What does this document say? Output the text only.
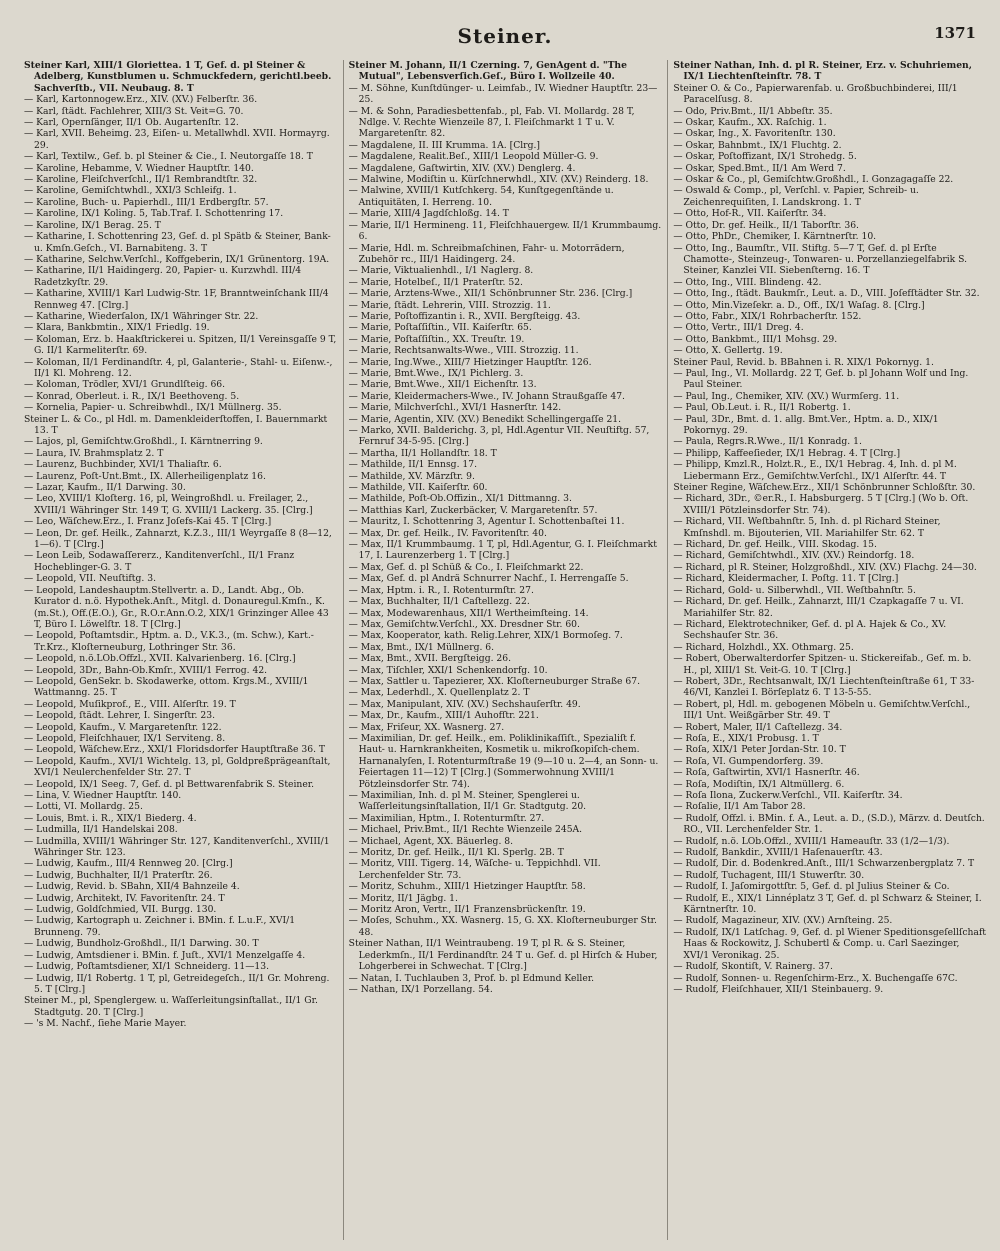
Steiner.	1371
Steiner Karl, XIII/1 Gloriettea. 1 T, Gef. d. pl Steiner & Adelberg, Kunstblumen u. Schmuckfedern, gerichtl.beeb. Sachverſtb., VII. Neubaug. 8. T
— Karl, Kartonnogew.Erz., XIV. (XV.) Felberſtr. 36.
— Karl, ſtädt. Fachlehrer, XIII/3 St. Veit=G. 70.
— Karl, Opernſänger, II/1 Ob. Augartenſtr. 12.
— Karl, XVII. Beheimg. 23, Eiſen- u. Metallwhdl. XVII. Hormayrg. 29.
— Karl, Textilw., Gef. b. pl Steiner & Cie., I. Neutorgaſſe 18. T
— Karoline, Hebamme, V. Wiedner Hauptſtr. 140.
— Karoline, Fleiſchverſchl., II/1 Rembrandtſtr. 32.
— Karoline, Gemiſchtwhdl., XXI/3 Schleifg. 1.
— Karoline, Buch- u. Papierhdl., III/1 Erdbergſtr. 57.
— Karoline, IX/1 Koling. 5, Tab.Traf. I. Schottenring 17.
— Karoline, IX/1 Berag. 25. T
— Katharine, I. Schottenring 23, Gef. d. pl Spätb & Steiner, Bank- u. Kmſn.Geſch., VI. Barnabiteng. 3. T
— Katharine, Selchw.Verſchl., Koffgeberin, IX/1 Grünentorg. 19A.
— Katharine, II/1 Haidingerg. 20, Papier- u. Kurzwhdl. III/4 Radetzkyſtr. 29.
— Katharine, XVIII/1 Karl Ludwig-Str. 1F, Branntweinſchank III/4 Rennweg 47. [Clrg.]
— Katharine, Wiederſalon, IX/1 Währinger Str. 22.
— Klara, Bankbmtin., XIX/1 Friedlg. 19.
— Koloman, Erz. b. Haakſtrickerei u. Spitzen, II/1 Vereinsgaſſe 9 T, G. II/1 Karmeliterſtr. 69.
— Koloman, II/1 Ferdinandſtr. 4, pl, Galanterie-, Stahl- u. Eiſenw.-, II/1 Kl. Mohreng. 12.
— Koloman, Trödler, XVI/1 Grundlſteig. 66.
— Konrad, Oberleut. i. R., IX/1 Beethoveng. 5.
— Kornelia, Papier- u. Schreibwhdl., IX/1 Müllnerg. 35.
Steiner L. & Co., pl Hdl. m. Damenkleiderſtoffen, I. Bauernmarkt 13. T
— Lajos, pl, Gemiſchtw.Großhdl., I. Kärntnerring 9.
— Laura, IV. Brahmsplatz 2. T
— Laurenz, Buchbinder, XVI/1 Thaliaſtr. 6.
— Laurenz, Poſt-Unt.Bmt., IX. Allerheiligenplatz 16.
— Lazar, Kaufm., II/1 Darwing. 30.
— Leo, XVIII/1 Kloſterg. 16, pl, Weingroßhdl. u. Freilager, 2., XVIII/1 Währinger Str. 149 T, G. XVIII/1 Lackerg. 35. [Clrg.]
— Leo, Wäſchew.Erz., I. Franz Joſefs-Kai 45. T [Clrg.]
— Leon, Dr. gef. Heilk., Zahnarzt, K.Z.3., III/1 Weyrgaſſe 8 (8—12, 1—6). T [Clrg.]
— Leon Leib, Sodawaſſererz., Kanditenverſchl., II/1 Franz Hocheblinger-G. 3. T
— Leopold, VII. Neuſtiftg. 3.
— Leopold, Landeshauptm.Stellvertr. a. D., Landt. Abg., Ob. Kurator d. n.ö. Hypothek.Anſt., Mitgl. d. Donauregul.Kmſn., K.(m.St.), Off.(E.O.), Gr., R.O.r.Ann.O.2, XIX/1 Grinzinger Allee 43 T, Büro I. Löwelſtr. 18. T [Clrg.]
— Leopold, Poſtamtsdir., Hptm. a. D., V.K.3., (m. Schw.), Kart.-Tr.Krz., Kloſterneuburg, Lothringer Str. 36.
— Leopold, n.ö.LOb.Offzl., XVII. Kalvarienberg. 16. [Clrg.]
— Leopold, 3Dr., Bahn-Ob.Kmſr., XVIII/1 Ferrog. 42.
— Leopold, GenSekr. b. Skodawerke, ottom. Krgs.M., XVIII/1 Wattmanng. 25. T
— Leopold, Muſikprof., E., VIII. Alſerſtr. 19. T
— Leopold, ſtädt. Lehrer, I. Singerſtr. 23.
— Leopold, Kaufm., V. Margaretenſtr. 122.
— Leopold, Fleiſchhauer, IX/1 Serviteng. 8.
— Leopold, Wäſchew.Erz., XXI/1 Floridsdorfer Hauptſtraße 36. T
— Leopold, Kaufm., XVI/1 Wichtelg. 13, pl, Goldpreßprägeanſtalt, XVI/1 Neulerchenfelder Str. 27. T
— Leopold, IX/1 Seeg. 7, Gef. d. pl Bettwarenfabrik S. Steiner.
— Lina, V. Wiedner Hauptſtr. 140.
— Lotti, VI. Mollardg. 25.
— Louis, Bmt. i. R., XIX/1 Biederg. 4.
— Ludmilla, II/1 Handelskai 208.
— Ludmilla, XVIII/1 Währinger Str. 127, Kanditenverſchl., XVIII/1 Währinger Str. 123.
— Ludwig, Kaufm., III/4 Rennweg 20. [Clrg.]
— Ludwig, Buchhalter, II/1 Praterſtr. 26.
— Ludwig, Revid. b. SBahn, XII/4 Bahnzeile 4.
— Ludwig, Architekt, IV. Favoritenſtr. 24. T
— Ludwig, Goldſchmied, VII. Burgg. 130.
— Ludwig, Kartograph u. Zeichner i. BMin. f. L.u.F., XVI/1 Brunneng. 79.
— Ludwig, Bundholz-Großhdl., II/1 Darwing. 30. T
— Ludwig, Amtsdiener i. BMin. f. Juſt., XVI/1 Menzelgaſſe 4.
— Ludwig, Poſtamtsdiener, XI/1 Schneiderg. 11—13.
— Ludwig, II/1 Robertg. 1 T, pl, Getreidegeſch., II/1 Gr. Mohreng. 5. T [Clrg.]
Steiner M., pl, Spenglergew. u. Waſſerleitungsinſtallat., II/1 Gr. Stadtgutg. 20. T [Clrg.]
— 's M. Nachf., ſiehe Marie Mayer.
Steiner M. Johann, II/1 Czerning. 7, GenAgent d. "The Mutual", Lebensverſich.Geſ., Büro I. Wollzeile 40.
— M. Söhne, Kunſtdünger- u. Leimfab., IV. Wiedner Hauptſtr. 23—25.
— M. & Sohn, Paradiesbettenfab., pl, Fab. VI. Mollardg. 28 T, Ndlge. V. Rechte Wienzeile 87, I. Fleiſchmarkt 1 T u. V. Margaretenſtr. 82.
— Magdalene, II. III Krumma. 1A. [Clrg.]
— Magdalene, Realit.Beſ., XIII/1 Leopold Müller-G. 9.
— Magdalene, Gaſtwirtin, XIV. (XV.) Denglerg. 4.
— Malwine, Modiſtin u. Kürſchnerwhdl., XIV. (XV.) Reinderg. 18.
— Malwine, XVIII/1 Kutſchkerg. 54, Kunſtgegenſtände u. Antiquitäten, I. Herreng. 10.
— Marie, XIII/4 Jagdſchloßg. 14. T
— Marie, II/1 Hermineng. 11, Fleiſchhauergew. II/1 Krummbaumg. 6.
— Marie, Hdl. m. Schreibmaſchinen, Fahr- u. Motorrädern, Zubehör rc., III/1 Haidingerg. 24.
— Marie, Viktualienhdl., I/1 Naglerg. 8.
— Marie, Hotelbeſ., II/1 Praterſtr. 52.
— Marie, Arztens-Wwe., XII/1 Schönbrunner Str. 236. [Clrg.]
— Marie, ſtädt. Lehrerin, VIII. Strozzig. 11.
— Marie, Poſtoffizantin i. R., XVII. Bergſteigg. 43.
— Marie, Poſtaſſiſtin., VII. Kaiſerſtr. 65.
— Marie, Poſtaſſiſtin., XX. Treuſtr. 19.
— Marie, Rechtsanwalts-Wwe., VIII. Strozzig. 11.
— Marie, Ing.Wwe., XIII/7 Hietzinger Hauptſtr. 126.
— Marie, Bmt.Wwe., IX/1 Pichlerg. 3.
— Marie, Bmt.Wwe., XII/1 Eichenſtr. 13.
— Marie, Kleidermachers-Wwe., IV. Johann Straußgaſſe 47.
— Marie, Milchverſchl., XVI/1 Hasnerſtr. 142.
— Marie, Agentin, XIV. (XV.) Benedikt Schellingergaſſe 21.
— Marko, XVII. Balderichg. 3, pl, Hdl.Agentur VII. Neuſtiftg. 57, Fernruf 34-5-95. [Clrg.]
— Martha, II/1 Hollandſtr. 18. T
— Mathilde, II/1 Ennsg. 17.
— Mathilde, XV. Märzſtr. 9.
— Mathilde, VII. Kaiſerſtr. 60.
— Mathilde, Poſt-Ob.Offizin., XI/1 Dittmanng. 3.
— Matthias Karl, Zuckerbäcker, V. Margaretenſtr. 57.
— Mauritz, I. Schottenring 3, Agentur I. Schottenbaſtei 11.
— Max, Dr. gef. Heilk., IV. Favoritenſtr. 40.
— Max, II/1 Krummbaumg. 1 T, pl, Hdl.Agentur, G. I. Fleiſchmarkt 17, I. Laurenzerberg 1. T [Clrg.]
— Max, Gef. d. pl Schüß & Co., I. Fleiſchmarkt 22.
— Max, Gef. d. pl Andrä Schnurrer Nachf., I. Herrengaſſe 5.
— Max, Hptm. i. R., I. Rotenturmſtr. 27.
— Max, Buchhalter, II/1 Caſtellezg. 22.
— Max, Modewarenhaus, XII/1 Wertheimſteing. 14.
— Max, Gemiſchtw.Verſchl., XX. Dresdner Str. 60.
— Max, Kooperator, kath. Relig.Lehrer, XIX/1 Bormoſeg. 7.
— Max, Bmt., IX/1 Müllnerg. 6.
— Max, Bmt., XVII. Bergſteigg. 26.
— Max, Tiſchler, XXI/1 Schenkendorfg. 10.
— Max, Sattler u. Tapezierer, XX. Kloſterneuburger Straße 67.
— Max, Lederhdl., X. Quellenplatz 2. T
— Max, Manipulant, XIV. (XV.) Sechshauſerſtr. 49.
— Max, Dr., Kaufm., XIII/1 Auhofſtr. 221.
— Max, Friſeur, XX. Wasnerg. 27.
— Maximilian, Dr. gef. Heilk., em. Poliklinikaſſiſt., Spezialiſt f. Haut- u. Harnkrankheiten, Kosmetik u. mikroſkopiſch-chem. Harnanalyſen, I. Rotenturmſtraße 19 (9—10 u. 2—4, an Sonn- u. Feiertagen 11—12) T [Clrg.] (Sommerwohnung XVIII/1 Pötzleinsdorfer Str. 74).
— Maximilian, Inh. d. pl M. Steiner, Spenglerei u. Waſſerleitungsinſtallation, II/1 Gr. Stadtgutg. 20.
— Maximilian, Hptm., I. Rotenturmſtr. 27.
— Michael, Priv.Bmt., II/1 Rechte Wienzeile 245A.
— Michael, Agent, XX. Bäuerleg. 8.
— Moritz, Dr. gef. Heilk., II/1 Kl. Sperlg. 2B. T
— Moritz, VIII. Tigerg. 14, Wäſche- u. Teppichhdl. VII. Lerchenfelder Str. 73.
— Moritz, Schuhm., XIII/1 Hietzinger Hauptſtr. 58.
— Moritz, II/1 Jägbg. 1.
— Moritz Aron, Vertr., II/1 Franzensbrückenſtr. 19.
— Moſes, Schuhm., XX. Wasnerg. 15, G. XX. Kloſterneuburger Str. 48.
Steiner Nathan, II/1 Weintraubeng. 19 T, pl R. & S. Steiner, Lederkmſn., II/1 Ferdinandſtr. 24 T u. Gef. d. pl Hirſch & Huber, Lohgerberei in Schwechat. T [Clrg.]
— Natan, I. Tuchlauben 3, Prof. b. pl Edmund Keller.
— Nathan, IX/1 Porzellang. 54.
Steiner Nathan, Inh. d. pl R. Steiner, Erz. v. Schuhriemen, IX/1 Liechtenſteinſtr. 78. T
Steiner O. & Co., Papierwarenfab. u. Großbuchbinderei, III/1 Paracelſusg. 8.
— Odo, Priv.Bmt., II/1 Abbeſtr. 35.
— Oskar, Kaufm., XX. Raſchig. 1.
— Oskar, Ing., X. Favoritenſtr. 130.
— Oskar, Bahnbmt., IX/1 Fluchtg. 2.
— Oskar, Poſtoffizant, IX/1 Strohedg. 5.
— Oskar, Sped.Bmt., II/1 Am Werd 7.
— Oskar & Co., pl, Gemiſchtw.Großhdl., I. Gonzagagaſſe 22.
— Oswald & Comp., pl, Verſchl. v. Papier, Schreib- u. Zeichenrequiſiten, I. Landskrong. 1. T
— Otto, Hof-R., VII. Kaiſerſtr. 34.
— Otto, Dr. gef. Heilk., II/1 Taborſtr. 36.
— Otto, PhDr., Chemiker, I. Kärntnerſtr. 10.
— Otto, Ing., Baumſtr., VII. Stiftg. 5—7 T, Gef. d. pl Erſte Chamotte-, Steinzeug-, Tonwaren- u. Porzellanziegelfabrik S. Steiner, Kanzlei VII. Siebenſterng. 16. T
— Otto, Ing., VIII. Blindeng. 42.
— Otto, Ing., ſtädt. Baukmſr., Leut. a. D., VIII. Joſefſtädter Str. 32.
— Otto, Min.Vizeſekr. a. D., Off., IX/1 Waſag. 8. [Clrg.]
— Otto, Fabr., XIX/1 Rohrbacherſtr. 152.
— Otto, Vertr., III/1 Dreg. 4.
— Otto, Bankbmt., III/1 Mohsg. 29.
— Otto, X. Gellertg. 19.
Steiner Paul, Revid. b. BBahnen i. R. XIX/1 Pokornyg. 1.
— Paul, Ing., VI. Mollardg. 22 T, Gef. b. pl Johann Wolf und Ing. Paul Steiner.
— Paul, Ing., Chemiker, XIV. (XV.) Wurmſerg. 11.
— Paul, Ob.Leut. i. R., II/1 Robertg. 1.
— Paul, 3Dr., Bmt. d. 1. allg. Bmt.Ver., Hptm. a. D., XIX/1 Pokornyg. 29.
— Paula, Regrs.R.Wwe., II/1 Konradg. 1.
— Philipp, Kaffeeſieder, IX/1 Hebrag. 4. T [Clrg.]
— Philipp, Kmzl.R., Holzt.R., E., IX/1 Hebrag. 4, Inh. d. pl M. Liebermann Erz., Gemiſchtw.Verſchl., IX/1 Alſerſtr. 44. T
Steiner Regine, Wäſchew.Erz., XII/1 Schönbrunner Schloßſtr. 30.
— Richard, 3Dr., ©er.R., I. Habsburgerg. 5 T [Clrg.] (Wo b. Oft. XVIII/1 Pötzleinsdorfer Str. 74).
— Richard, VII. Weſtbahnſtr. 5, Inh. d. pl Richard Steiner, Kmſnshdl. m. Bijouterien, VII. Mariahilfer Str. 62. T
— Richard, Dr. gef. Heilk., VIII. Skodag. 15.
— Richard, Gemiſchtwhdl., XIV. (XV.) Reindorfg. 18.
— Richard, pl R. Steiner, Holzgroßhdl., XIV. (XV.) Flachg. 24—30.
— Richard, Kleidermacher, I. Poſtg. 11. T [Clrg.]
— Richard, Gold- u. Silberwhdl., VII. Weſtbahnſtr. 5.
— Richard, Dr. gef. Heilk., Zahnarzt, III/1 Czapkagaſſe 7 u. VI. Mariahilfer Str. 82.
— Richard, Elektrotechniker, Gef. d. pl A. Hajek & Co., XV. Sechshauſer Str. 36.
— Richard, Holzhdl., XX. Othmarg. 25.
— Robert, Oberwalterdorfer Spitzen- u. Stickereifab., Gef. m. b. H., pl, XIII/1 St. Veit-G. 10. T [Clrg.]
— Robert, 3Dr., Rechtsanwalt, IX/1 Liechtenſteinſtraße 61, T 33-46/VI, Kanzlei I. Börſeplatz 6. T 13-5-55.
— Robert, pl, Hdl. m. gebogenen Möbeln u. Gemiſchtw.Verſchl., III/1 Unt. Weißgärber Str. 49. T
— Robert, Maler, II/1 Caſtellezg. 34.
— Roſa, E., XIX/1 Probusg. 1. T
— Roſa, XIX/1 Peter Jordan-Str. 10. T
— Roſa, VI. Gumpendorferg. 39.
— Roſa, Gaſtwirtin, XVI/1 Hasnerſtr. 46.
— Roſa, Modiſtin, IX/1 Altmüllerg. 6.
— Roſa Ilona, Zuckerw.Verſchl., VII. Kaiſerſtr. 34.
— Roſalie, II/1 Am Tabor 28.
— Rudolf, Offzl. i. BMin. f. A., Leut. a. D., (S.D.), Märzv. d. Deutſch. RO., VII. Lerchenfelder Str. 1.
— Rudolf, n.ö. LOb.Offzl., XVIII/1 Hameauſtr. 33 (1/2—1/3).
— Rudolf, Bankdir., XVIII/1 Haſenauerſtr. 43.
— Rudolf, Dir. d. Bodenkred.Anſt., III/1 Schwarzenbergplatz 7. T
— Rudolf, Tuchagent, III/1 Stuwerſtr. 30.
— Rudolf, I. Jaſomirgottſtr. 5, Gef. d. pl Julius Steiner & Co.
— Rudolf, E., XIX/1 Linnéplatz 3 T, Gef. d. pl Schwarz & Steiner, I. Kärntnerſtr. 10.
— Rudolf, Magazineur, XIV. (XV.) Arnſteing. 25.
— Rudolf, IX/1 Latſchag. 9, Gef. d. pl Wiener Speditionsgeſellſchaft Haas & Rockowitz, J. Schubertl & Comp. u. Carl Saezinger, XVI/1 Veronikag. 25.
— Rudolf, Skontiſt, V. Rainerg. 37.
— Rudolf, Sonnen- u. Regenſchirm-Erz., X. Buchengaſſe 67C.
— Rudolf, Fleiſchhauer, XII/1 Steinbauerg. 9.
